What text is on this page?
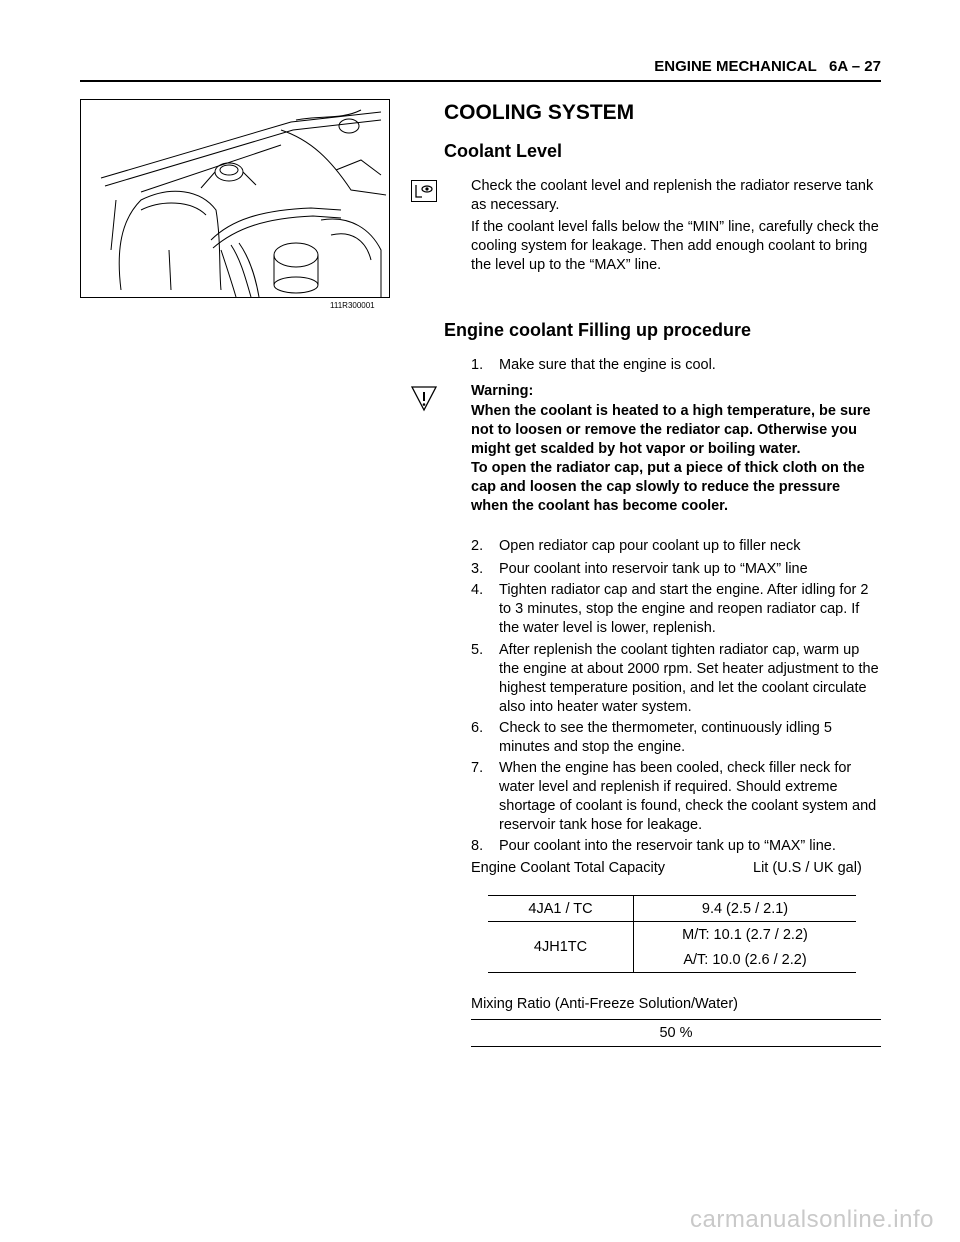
ENGINE MECHANICAL   6A – 27
111R300001
COOLING SYSTEM
Coolant Level
Check the coolant level and replenish the radiator reserve tank as necessary.
If the coolant level falls below the “MIN” line, carefully check the cooling system for leakage. Then add enough coolant to bring the level up to the “MAX” line.
Engine coolant Filling up procedure
1. Make sure that the engine is cool.
Warning:
When the coolant is heated to a high temperature, be sure not to loosen or remove the rediator cap. Otherwise you might get scalded by hot vapor or boiling water.
To open the radiator cap, put a piece of thick cloth on the cap and loosen the cap slowly to reduce the pressure when the coolant has become cooler.
2. Open rediator cap pour coolant up to filler neck
3. Pour coolant into reservoir tank up to “MAX” line
4. Tighten radiator cap and start the engine. After idling for 2 to 3 minutes, stop the engine and reopen radiator cap. If the water level is lower, replenish.
5. After replenish the coolant tighten radiator cap, warm up the engine at about 2000 rpm. Set heater adjustment to the highest temperature position, and let the coolant circulate also into heater water system.
6. Check to see the thermometer, continuously idling 5 minutes and stop the engine.
7. When the engine has been cooled, check filler neck for water level and replenish if required. Should extreme shortage of coolant is found, check the coolant system and reservoir tank hose for leakage.
8. Pour coolant into the reservoir tank up to “MAX” line.
Engine Coolant Total Capacity	Lit (U.S / UK gal)
4JA1 / TC	9.4 (2.5 / 2.1)
4JH1TC	M/T: 10.1 (2.7 / 2.2)
	A/T: 10.0 (2.6 / 2.2)
Mixing Ratio (Anti-Freeze Solution/Water)
50 %
carmanualsonline.info
